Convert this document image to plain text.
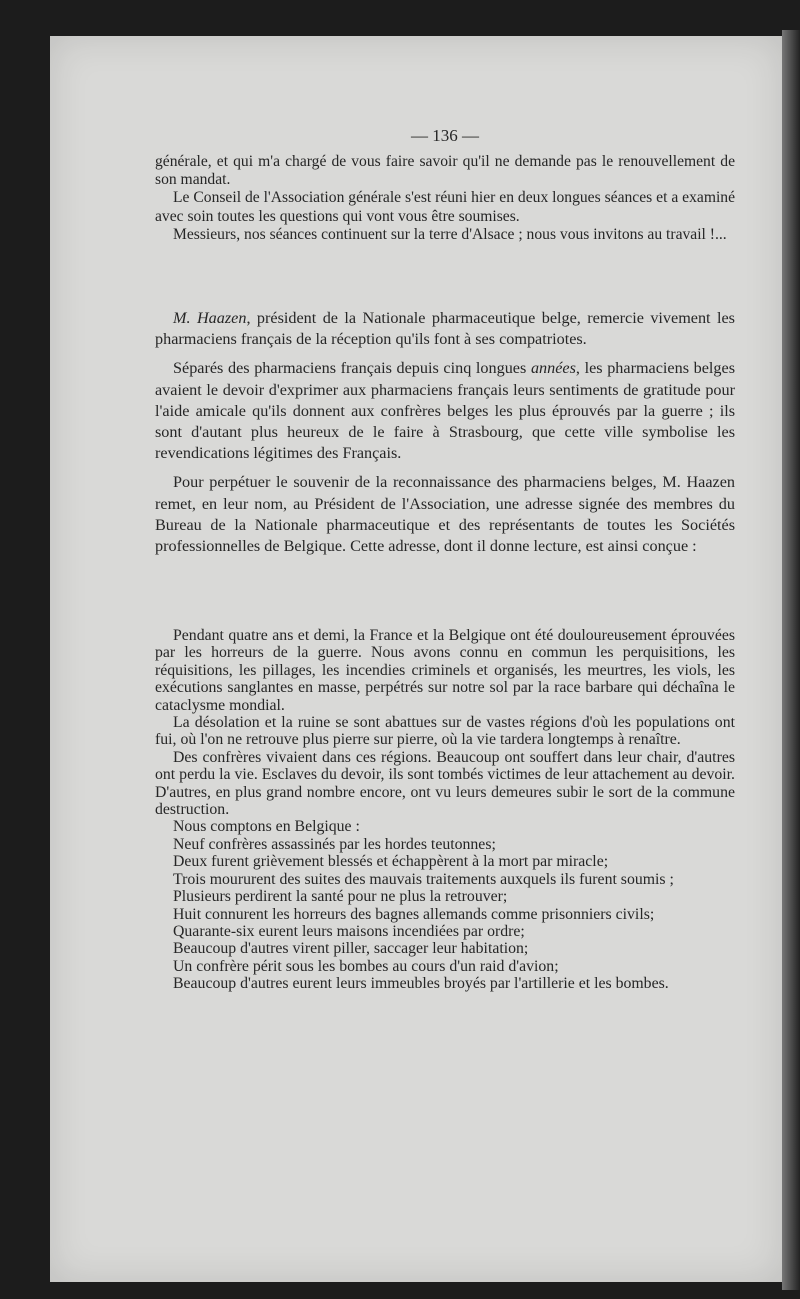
— 136 —

générale, et qui m'a chargé de vous faire savoir qu'il ne demande pas le renouvellement de son mandat.

Le Conseil de l'Association générale s'est réuni hier en deux longues séances et a examiné avec soin toutes les questions qui vont vous être soumises.

Messieurs, nos séances continuent sur la terre d'Alsace ; nous vous invitons au travail !...

M. Haazen, président de la Nationale pharmaceutique belge, remercie vivement les pharmaciens français de la réception qu'ils font à ses compatriotes.

Séparés des pharmaciens français depuis cinq longues années, les pharmaciens belges avaient le devoir d'exprimer aux pharmaciens français leurs sentiments de gratitude pour l'aide amicale qu'ils donnent aux confrères belges les plus éprouvés par la guerre ; ils sont d'autant plus heureux de le faire à Strasbourg, que cette ville symbolise les revendications légitimes des Français.

Pour perpétuer le souvenir de la reconnaissance des pharmaciens belges, M. Haazen remet, en leur nom, au Président de l'Association, une adresse signée des membres du Bureau de la Nationale pharmaceutique et des représentants de toutes les Sociétés professionnelles de Belgique. Cette adresse, dont il donne lecture, est ainsi conçue :

Pendant quatre ans et demi, la France et la Belgique ont été douloureusement éprouvées par les horreurs de la guerre. Nous avons connu en commun les perquisitions, les réquisitions, les pillages, les incendies criminels et organisés, les meurtres, les viols, les exécutions sanglantes en masse, perpétrés sur notre sol par la race barbare qui déchaîna le cataclysme mondial.

La désolation et la ruine se sont abattues sur de vastes régions d'où les populations ont fui, où l'on ne retrouve plus pierre sur pierre, où la vie tardera longtemps à renaître.

Des confrères vivaient dans ces régions. Beaucoup ont souffert dans leur chair, d'autres ont perdu la vie. Esclaves du devoir, ils sont tombés victimes de leur attachement au devoir. D'autres, en plus grand nombre encore, ont vu leurs demeures subir le sort de la commune destruction.

Nous comptons en Belgique :

Neuf confrères assassinés par les hordes teutonnes;

Deux furent grièvement blessés et échappèrent à la mort par miracle;

Trois moururent des suites des mauvais traitements auxquels ils furent soumis ;

Plusieurs perdirent la santé pour ne plus la retrouver;

Huit connurent les horreurs des bagnes allemands comme prisonniers civils;

Quarante-six eurent leurs maisons incendiées par ordre;

Beaucoup d'autres virent piller, saccager leur habitation;

Un confrère périt sous les bombes au cours d'un raid d'avion;

Beaucoup d'autres eurent leurs immeubles broyés par l'artillerie et les bombes.
